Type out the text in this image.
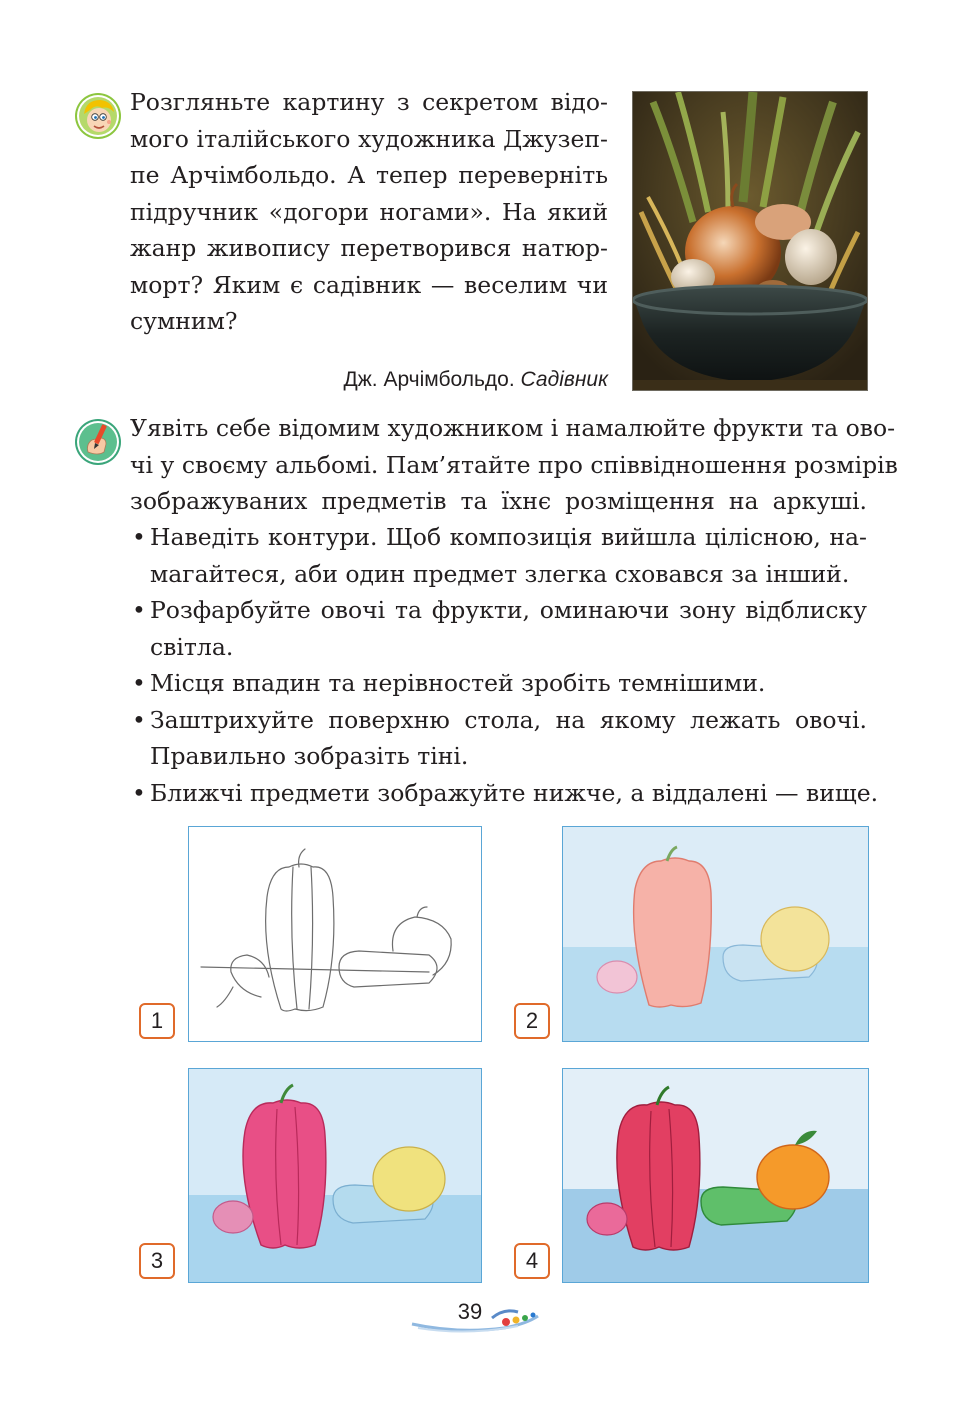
Розгляньте картину з секретом відо-
мого італійського художника Джузеп-
пе Арчімбольдо. А тепер переверніть
підручник «догори ногами». На який
жанр живопису перетворився натюр-
морт? Яким є садівник — веселим чи
сумним?
Дж. Арчімбольдо. Садівник
Уявіть себе відомим художником і намалюйте фрукти та ово-
чі у своєму альбомі. Пам’ятайте про співвідношення розмірів
зображуваних предметів та їхнє розміщення на аркуші.
• Наведіть контури. Щоб композиція вийшла цілісною, на-
магайтеся, аби один предмет злегка сховався за інший.
• Розфарбуйте овочі та фрукти, оминаючи зону відблиску
світла.
• Місця впадин та нерівностей зробіть темнішими.
• Заштрихуйте поверхню стола, на якому лежать овочі.
Правильно зобразіть тіні.
• Ближчі предмети зображуйте нижче, а віддалені — вище.
1	2
3	4
39
